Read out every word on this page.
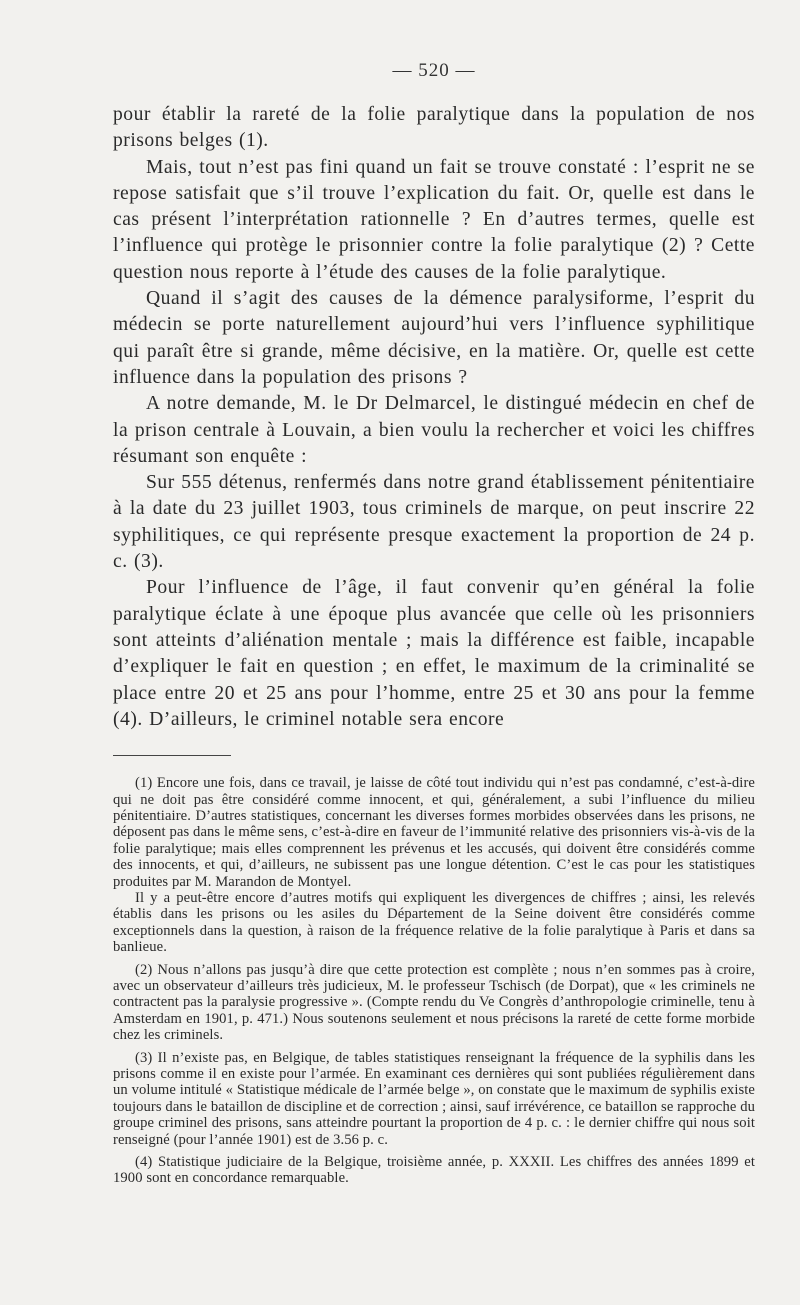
— 520 —

pour établir la rareté de la folie paralytique dans la population de nos prisons belges (1).

Mais, tout n’est pas fini quand un fait se trouve constaté : l’esprit ne se repose satisfait que s’il trouve l’explication du fait. Or, quelle est dans le cas présent l’interprétation rationnelle ? En d’autres termes, quelle est l’influence qui protège le prisonnier contre la folie paralytique (2) ? Cette question nous reporte à l’étude des causes de la folie paralytique.

Quand il s’agit des causes de la démence paralysiforme, l’esprit du médecin se porte naturellement aujourd’hui vers l’influence syphilitique qui paraît être si grande, même décisive, en la matière. Or, quelle est cette influence dans la population des prisons ?

A notre demande, M. le Dr Delmarcel, le distingué médecin en chef de la prison centrale à Louvain, a bien voulu la rechercher et voici les chiffres résumant son enquête :

Sur 555 détenus, renfermés dans notre grand établissement pénitentiaire à la date du 23 juillet 1903, tous criminels de marque, on peut inscrire 22 syphilitiques, ce qui représente presque exactement la proportion de 24 p. c. (3).

Pour l’influence de l’âge, il faut convenir qu’en général la folie paralytique éclate à une époque plus avancée que celle où les prisonniers sont atteints d’aliénation mentale ; mais la différence est faible, incapable d’expliquer le fait en question ; en effet, le maximum de la criminalité se place entre 20 et 25 ans pour l’homme, entre 25 et 30 ans pour la femme (4). D’ailleurs, le criminel notable sera encore

(1) Encore une fois, dans ce travail, je laisse de côté tout individu qui n’est pas condamné, c’est-à-dire qui ne doit pas être considéré comme innocent, et qui, généralement, a subi l’influence du milieu pénitentiaire. D’autres statistiques, concernant les diverses formes morbides observées dans les prisons, ne déposent pas dans le même sens, c’est-à-dire en faveur de l’immunité relative des prisonniers vis-à-vis de la folie paralytique; mais elles comprennent les prévenus et les accusés, qui doivent être considérés comme des innocents, et qui, d’ailleurs, ne subissent pas une longue détention. C’est le cas pour les statistiques produites par M. Marandon de Montyel.

Il y a peut-être encore d’autres motifs qui expliquent les divergences de chiffres ; ainsi, les relevés établis dans les prisons ou les asiles du Département de la Seine doivent être considérés comme exceptionnels dans la question, à raison de la fréquence relative de la folie paralytique à Paris et dans sa banlieue.

(2) Nous n’allons pas jusqu’à dire que cette protection est complète ; nous n’en sommes pas à croire, avec un observateur d’ailleurs très judicieux, M. le professeur Tschisch (de Dorpat), que « les criminels ne contractent pas la paralysie progressive ». (Compte rendu du Ve Congrès d’anthropologie criminelle, tenu à Amsterdam en 1901, p. 471.) Nous soutenons seulement et nous précisons la rareté de cette forme morbide chez les criminels.

(3) Il n’existe pas, en Belgique, de tables statistiques renseignant la fréquence de la syphilis dans les prisons comme il en existe pour l’armée. En examinant ces dernières qui sont publiées régulièrement dans un volume intitulé « Statistique médicale de l’armée belge », on constate que le maximum de syphilis existe toujours dans le bataillon de discipline et de correction ; ainsi, sauf irrévérence, ce bataillon se rapproche du groupe criminel des prisons, sans atteindre pourtant la proportion de 4 p. c. : le dernier chiffre qui nous soit renseigné (pour l’année 1901) est de 3.56 p. c.

(4) Statistique judiciaire de la Belgique, troisième année, p. XXXII. Les chiffres des années 1899 et 1900 sont en concordance remarquable.
